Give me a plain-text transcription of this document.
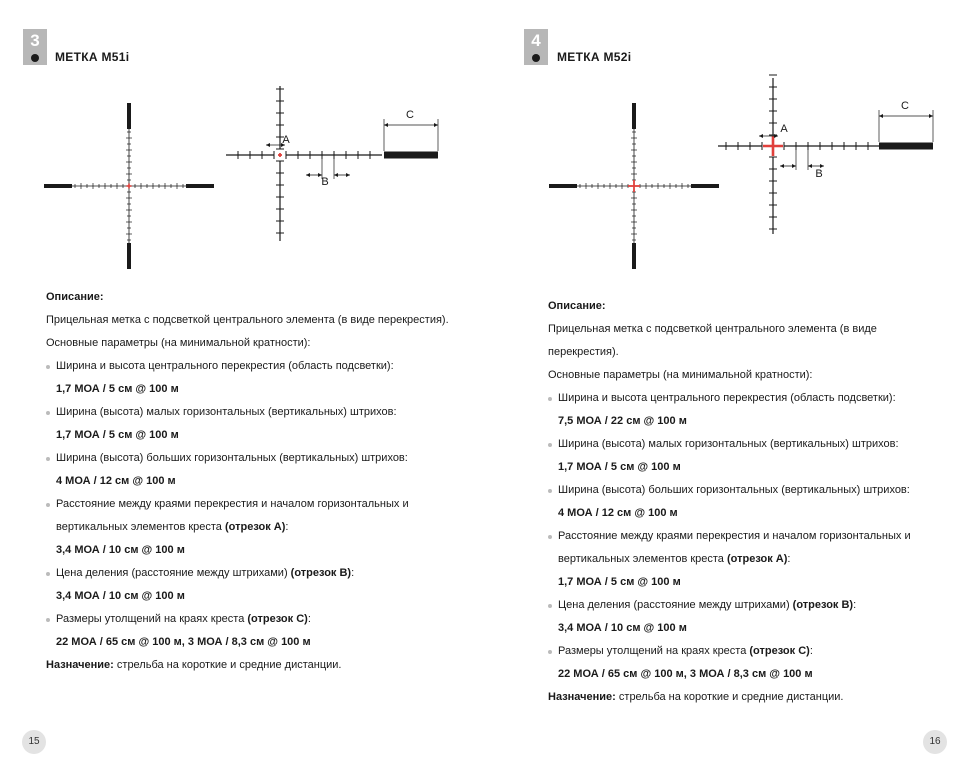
3
МЕТКА M51i
A
B
C

Описание:

Прицельная метка с подсветкой центрального элемента (в виде перекрестия).

Основные параметры (на минимальной кратности):

Ширина и высота центрального перекрестия (область подсветки):

1,7 МОА / 5 см @ 100 м

Ширина (высота) малых горизонтальных (вертикальных) штрихов:

1,7 МОА / 5 см @ 100 м

Ширина (высота) больших горизонтальных (вертикальных) штрихов:

4 МОА / 12 см @ 100 м

Расстояние между краями перекрестия и началом горизонтальных и вертикальных элементов креста (отрезок А):

3,4 МОА / 10 см @ 100 м

Цена деления (расстояние между штрихами) (отрезок В):

3,4 МОА / 10 см @ 100 м

Размеры утолщений на краях креста (отрезок С):

22 МОА / 65 см @ 100 м, 3 МОА / 8,3 см @ 100 м

Назначение: стрельба на короткие и средние дистанции.

15
4
МЕТКА M52i
A
B
C

Описание:

Прицельная метка с подсветкой центрального элемента (в виде перекрестия).

Основные параметры (на минимальной кратности):

Ширина и высота центрального перекрестия (область подсветки):

7,5 МОА / 22 см @ 100 м

Ширина (высота) малых горизонтальных (вертикальных) штрихов:

1,7 МОА / 5 см @ 100 м

Ширина (высота) больших горизонтальных (вертикальных) штрихов:

4 МОА / 12 см @ 100 м

Расстояние между краями перекрестия и началом горизонтальных и вертикальных элементов креста (отрезок А):

1,7 МОА / 5 см @ 100 м

Цена деления (расстояние между штрихами) (отрезок В):

3,4 МОА / 10 см @ 100 м

Размеры утолщений на краях креста (отрезок С):

22 МОА / 65 см @ 100 м, 3 МОА / 8,3 см @ 100 м

Назначение: стрельба на короткие и средние дистанции.

16
